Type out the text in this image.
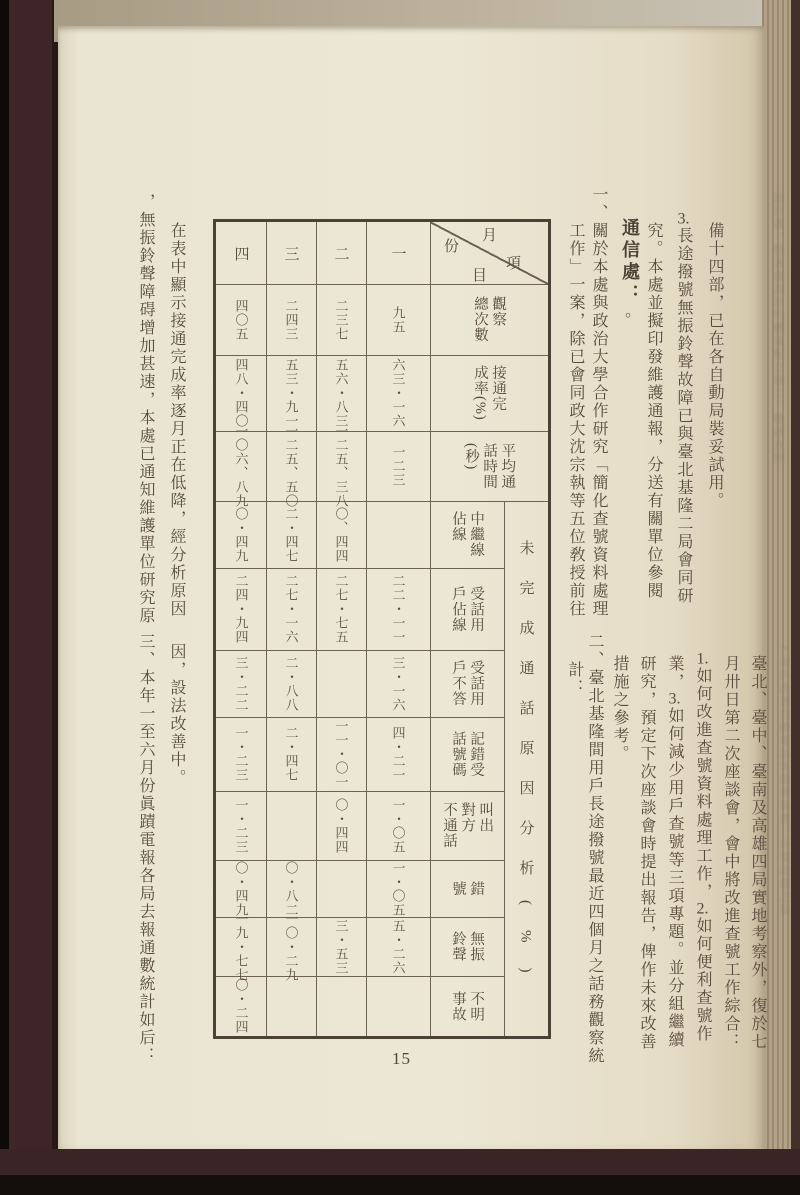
備十四部，已在各自動局裝妥試用。
3.長途撥號無振鈴聲故障已與臺北基隆二局會同研
究。本處並擬印發維護通報，分送有關單位參閱
。
通信處：
一、關於本處與政治大學合作研究「簡化查號資料處理
工作」一案，除已會同政大沈宗執等五位敎授前往
臺北、臺中、臺南及高雄四局實地考察外，復於七
月卅日第二次座談會，會中將改進查號工作綜合：
1.如何改進查號資料處理工作，2.如何便利查號作
業，3.如何減少用戶查號等三項專題。並分組繼續
研究，預定下次座談會時提出報告，俾作未來改善
措施之參考。
二、臺北基隆間用戶長途撥號最近四個月之話務觀察統
計：
在表中顯示接通完成率逐月正在低降，經分析原因
因，設法改善中。
，無振鈴聲障碍增加甚速，本處已通知維護單位研究原
三、本年一至六月份眞蹟電報各局去報通數統計如后：
設計書，整各處設計均體量配合施工，敬請查照
1.用戶改善自動電話客服務裝置，計裝設臺之局
四
四〇五
四八・四〇
一〇六、八九
〇・四九
二四・九四
三・二二
一・二三
一・二三
〇・四九
一九・七七
〇・二四
三
二四三
五三・九一
一二五、五〇
二・四七
二七・一六
二・八八
二・四七
〇・八二
一〇・二九
二
二三七
五六・八三
一二五、三八
〇、四四
二七・七五
一一・〇一
〇・四四
三・五三
一
九五
六三・一六
一二三
二二・一一
三・一六
四・二一
一・〇五
一・〇五
五・二六
觀察
總次數
接通完
成率(%)
平均通
話時間
(秒)
中繼線
佔線
受話用
戶佔線
受話用
戶不答
記錯受
話號碼
叫出
對方
不通話
錯
號
無振
鈴聲
不明
事故
未完成通話原因分析(%)
月
份
項
目
15
